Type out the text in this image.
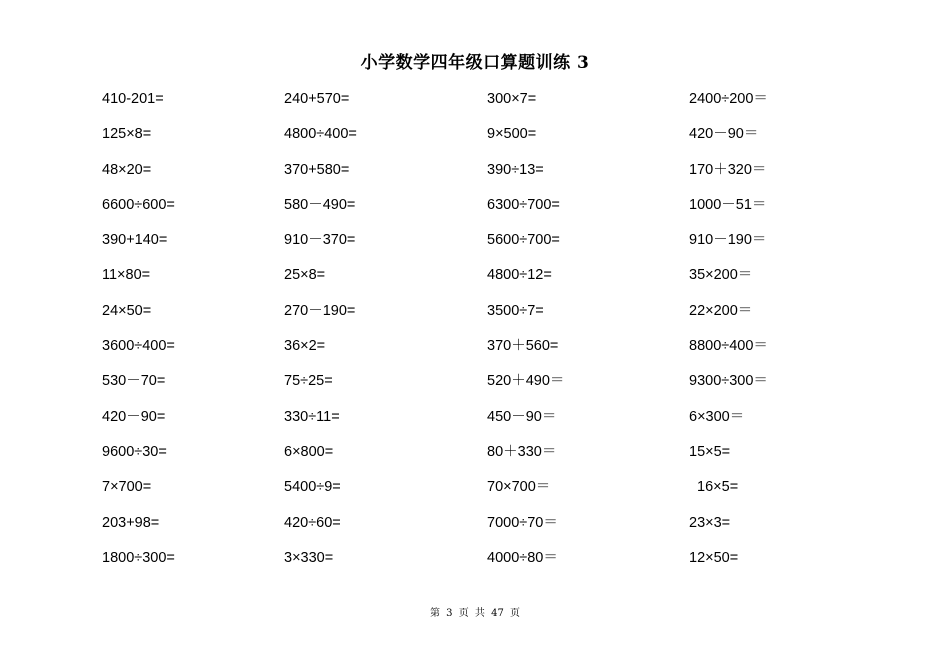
小学数学四年级口算题训练 3
410-201=	240+570=	300×7=	2400÷200＝
125×8=	4800÷400=	9×500=	420－90＝
48×20=	370+580=	390÷13=	170＋320＝
6600÷600=	580－490=	6300÷700=	1000－51＝
390+140=	910－370=	5600÷700=	910－190＝
11×80=	25×8=	4800÷12=	35×200＝
24×50=	270－190=	3500÷7=	22×200＝
3600÷400=	36×2=	370＋560=	8800÷400＝
530－70=	75÷25=	520＋490＝	9300÷300＝
420－90=	330÷11=	450－90＝	6×300＝
9600÷30=	6×800=	80＋330＝	15×5=
7×700=	5400÷9=	70×700＝	16×5=
203+98=	420÷60=	7000÷70＝	23×3=
1800÷300=	3×330=	4000÷80＝	12×50=
第 3 页 共 47 页
